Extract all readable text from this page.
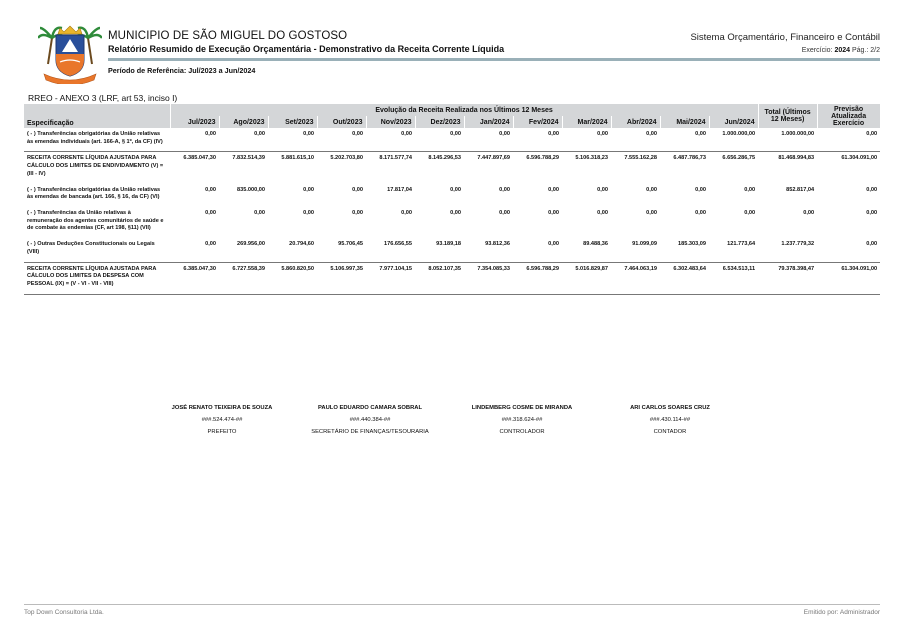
MUNICIPIO DE SÃO MIGUEL DO GOSTOSO
Relatório Resumido de Execução Orçamentária - Demonstrativo da Receita Corrente Líquida
Período de Referência: Jul/2023 a Jun/2024
Sistema Orçamentário, Financeiro e Contábil
Exercício: 2024 Pág.: 2/2
RREO - ANEXO 3 (LRF, art 53, inciso I)
Especificação	Evolução da Receita Realizada nos Últimos 12 Meses												Total (Últimos 12 Meses)	Previsão Atualizada Exercício
	Jul/2023	Ago/2023	Set/2023	Out/2023	Nov/2023	Dez/2023	Jan/2024	Fev/2024	Mar/2024	Abr/2024	Mai/2024	Jun/2024		
( - ) Transferências obrigatórias da União relativas às emendas individuais (art. 166-A, § 1º, da CF) (IV)	0,00	0,00	0,00	0,00	0,00	0,00	0,00	0,00	0,00	0,00	0,00	1.000.000,00	1.000.000,00	0,00
RECEITA CORRENTE LÍQUIDA AJUSTADA PARA CÁLCULO DOS LIMITES DE ENDIVIDAMENTO (V) = (III - IV)	6.385.047,30	7.832.514,39	5.881.615,10	5.202.703,80	8.171.577,74	8.145.296,53	7.447.897,69	6.596.788,29	5.106.318,23	7.555.162,28	6.487.786,73	6.656.286,75	81.468.994,83	61.304.091,00
( - ) Transferências obrigatórias da União relativas às emendas de bancada (art. 166, § 16, da CF) (VI)	0,00	835.000,00	0,00	0,00	17.817,04	0,00	0,00	0,00	0,00	0,00	0,00	0,00	852.817,04	0,00
( - ) Transferências da União relativas à remuneração dos agentes comunitários de saúde e de combate às endemias (CF, art 198, §11) (VII)	0,00	0,00	0,00	0,00	0,00	0,00	0,00	0,00	0,00	0,00	0,00	0,00	0,00	0,00
( - ) Outras Deduções Constitucionais ou Legais (VIII)	0,00	269.956,00	20.794,60	95.706,45	176.656,55	93.189,18	93.812,36	0,00	89.488,36	91.099,09	185.303,09	121.773,64	1.237.779,32	0,00
RECEITA CORRENTE LÍQUIDA AJUSTADA PARA CÁLCULO DOS LIMITES DA DESPESA COM PESSOAL (IX) = (V - VI - VII - VIII)	6.385.047,30	6.727.558,39	5.860.820,50	5.106.997,35	7.977.104,15	8.052.107,35	7.354.085,33	6.596.788,29	5.016.829,87	7.464.063,19	6.302.483,64	6.534.513,11	79.378.398,47	61.304.091,00
JOSÉ RENATO TEIXEIRA DE SOUZA
###.524.474-##
PREFEITO
PAULO EDUARDO CAMARA SOBRAL
###.440.384-##
SECRETÁRIO DE FINANÇAS/TESOURARIA
LINDEMBERG COSME DE MIRANDA
###.318.624-##
CONTROLADOR
ARI CARLOS SOARES CRUZ
###.430.114-##
CONTADOR
Top Down Consultoria Ltda.	Emitido por: Administrador
